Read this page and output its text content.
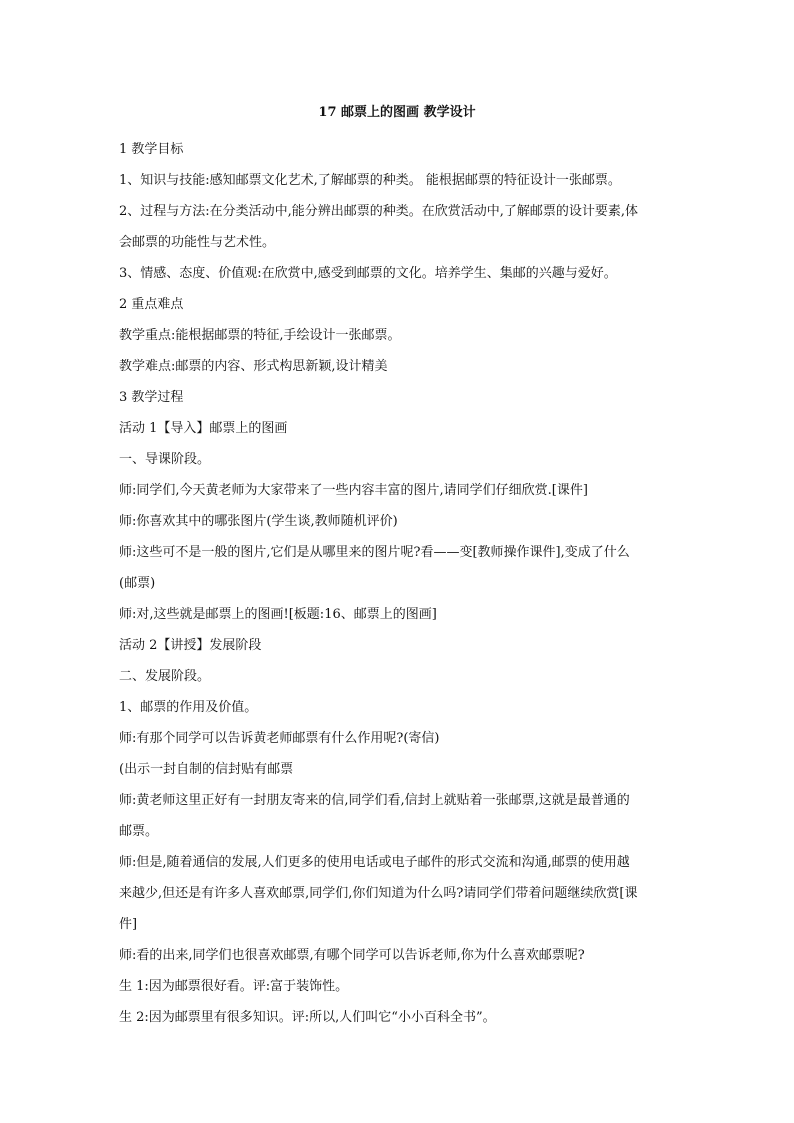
17 邮票上的图画 教学设计
1 教学目标
1、知识与技能:感知邮票文化艺术,了解邮票的种类。 能根据邮票的特征设计一张邮票。
2、过程与方法:在分类活动中,能分辨出邮票的种类。在欣赏活动中,了解邮票的设计要素,体
会邮票的功能性与艺术性。
3、情感、态度、价值观:在欣赏中,感受到邮票的文化。培养学生、集邮的兴趣与爱好。
2 重点难点
教学重点:能根据邮票的特征,手绘设计一张邮票。
教学难点:邮票的内容、形式构思新颖,设计精美
3 教学过程
活动 1【导入】邮票上的图画
一、导课阶段。
师:同学们,今天黄老师为大家带来了一些内容丰富的图片,请同学们仔细欣赏.[课件]
师:你喜欢其中的哪张图片(学生谈,教师随机评价)
师:这些可不是一般的图片,它们是从哪里来的图片呢?看——变[教师操作课件],变成了什么
(邮票)
师:对,这些就是邮票上的图画![板题:16、邮票上的图画]
活动 2【讲授】发展阶段
二、发展阶段。
1、邮票的作用及价值。
师:有那个同学可以告诉黄老师邮票有什么作用呢?(寄信)
(出示一封自制的信封贴有邮票
师:黄老师这里正好有一封朋友寄来的信,同学们看,信封上就贴着一张邮票,这就是最普通的
邮票。
师:但是,随着通信的发展,人们更多的使用电话或电子邮件的形式交流和沟通,邮票的使用越
来越少,但还是有许多人喜欢邮票,同学们,你们知道为什么吗?请同学们带着问题继续欣赏[课
件]
师:看的出来,同学们也很喜欢邮票,有哪个同学可以告诉老师,你为什么喜欢邮票呢?
生 1:因为邮票很好看。评:富于装饰性。
生 2:因为邮票里有很多知识。评:所以,人们叫它“小小百科全书”。
